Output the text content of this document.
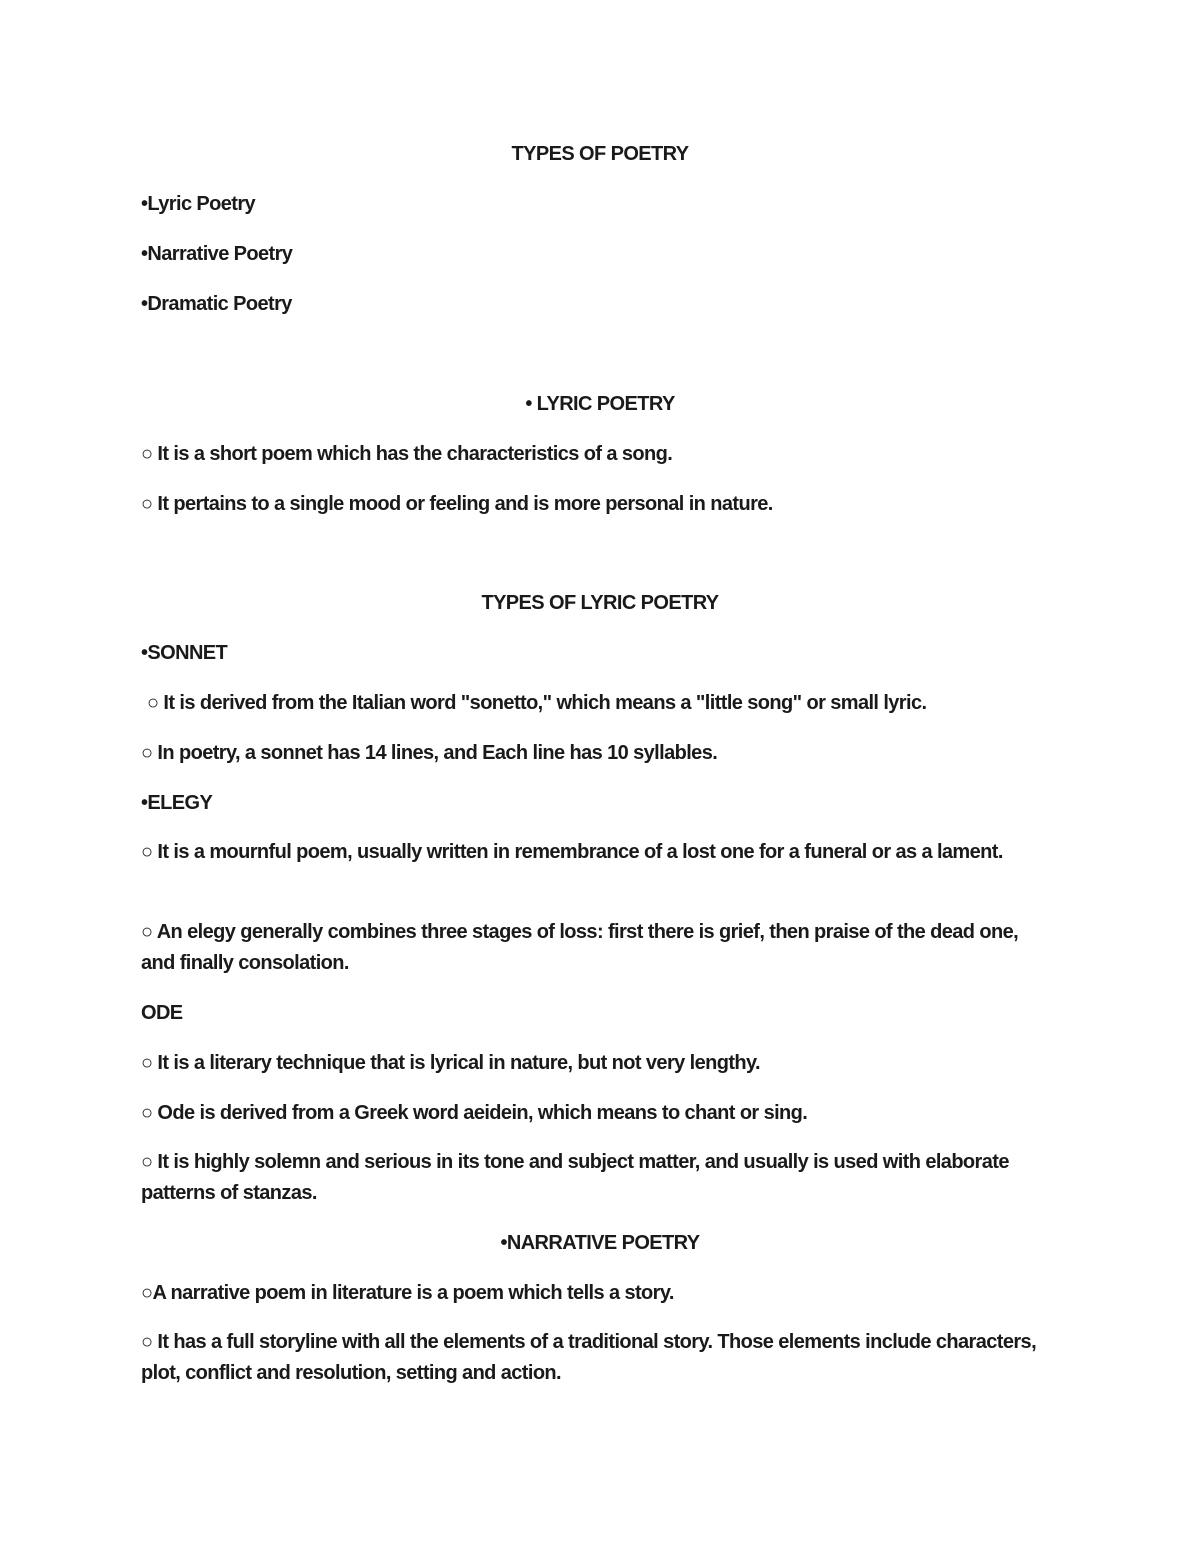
TYPES OF POETRY
•Lyric Poetry
•Narrative Poetry
•Dramatic Poetry
• LYRIC POETRY
○ It is a short poem which has the characteristics of a song.
○ It pertains to a single mood or feeling and is more personal in nature.
TYPES OF LYRIC POETRY
•SONNET
○ It is derived from the Italian word "sonetto," which means a "little song" or small lyric.
○ In poetry, a sonnet has 14 lines, and Each line has 10 syllables.
•ELEGY
○ It is a mournful poem, usually written in remembrance of a lost one for a funeral or as a lament.
○ An elegy generally combines three stages of loss: first there is grief, then praise of the dead one, and finally consolation.
ODE
○ It is a literary technique that is lyrical in nature, but not very lengthy.
○ Ode is derived from a Greek word aeidein, which means to chant or sing.
○ It is highly solemn and serious in its tone and subject matter, and usually is used with elaborate patterns of stanzas.
•NARRATIVE POETRY
○A narrative poem in literature is a poem which tells a story.
○ It has a full storyline with all the elements of a traditional story. Those elements include characters, plot, conflict and resolution, setting and action.
